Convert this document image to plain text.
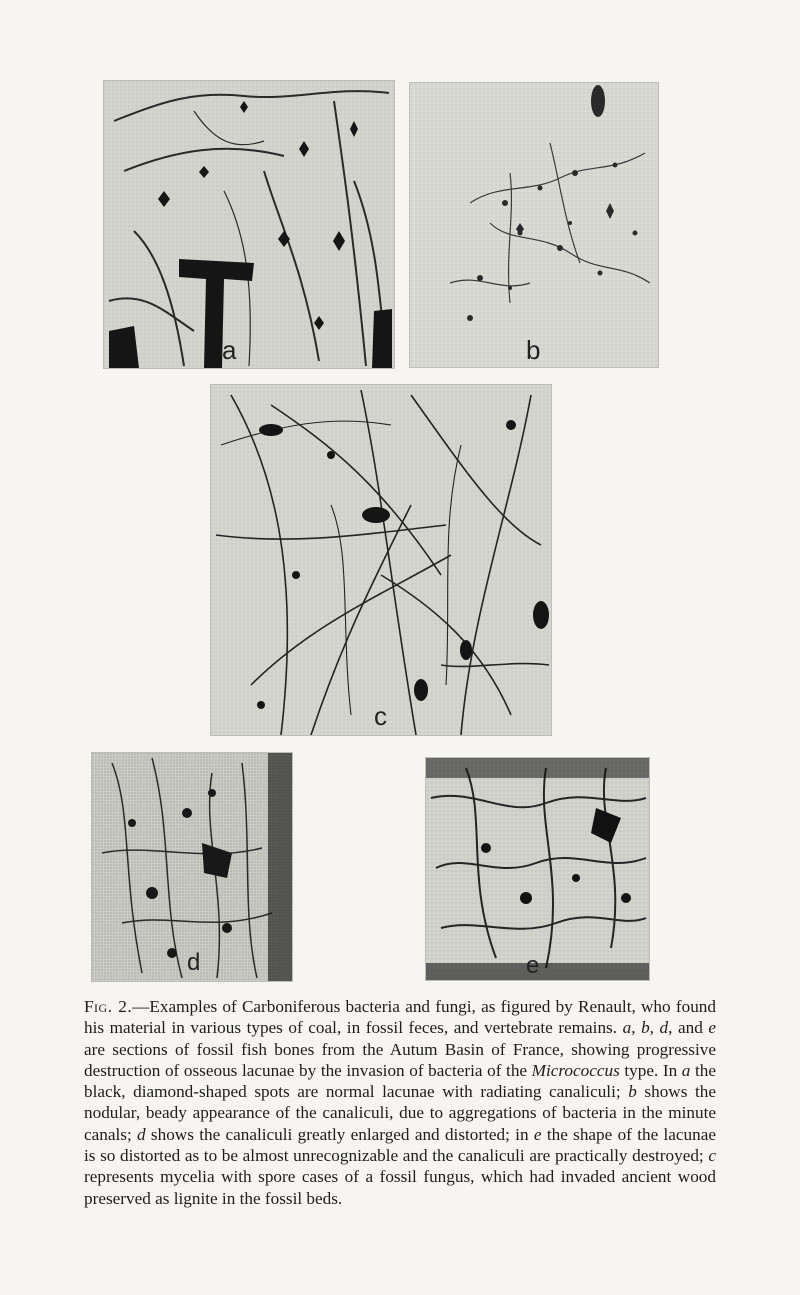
a	b
c
d	e

Fig. 2.—Examples of Carboniferous bacteria and fungi, as figured by Renault, who found his material in various types of coal, in fossil feces, and vertebrate remains. a, b, d, and e are sections of fossil fish bones from the Autum Basin of France, showing progressive destruction of osseous lacunae by the invasion of bacteria of the Micrococcus type. In a the black, diamond-shaped spots are normal lacunae with radiating canaliculi; b shows the nodular, beady appearance of the canaliculi, due to aggregations of bacteria in the minute canals; d shows the canaliculi greatly enlarged and distorted; in e the shape of the lacunae is so distorted as to be almost unrecognizable and the canaliculi are practically destroyed; c represents mycelia with spore cases of a fossil fungus, which had invaded ancient wood preserved as lignite in the fossil beds.
